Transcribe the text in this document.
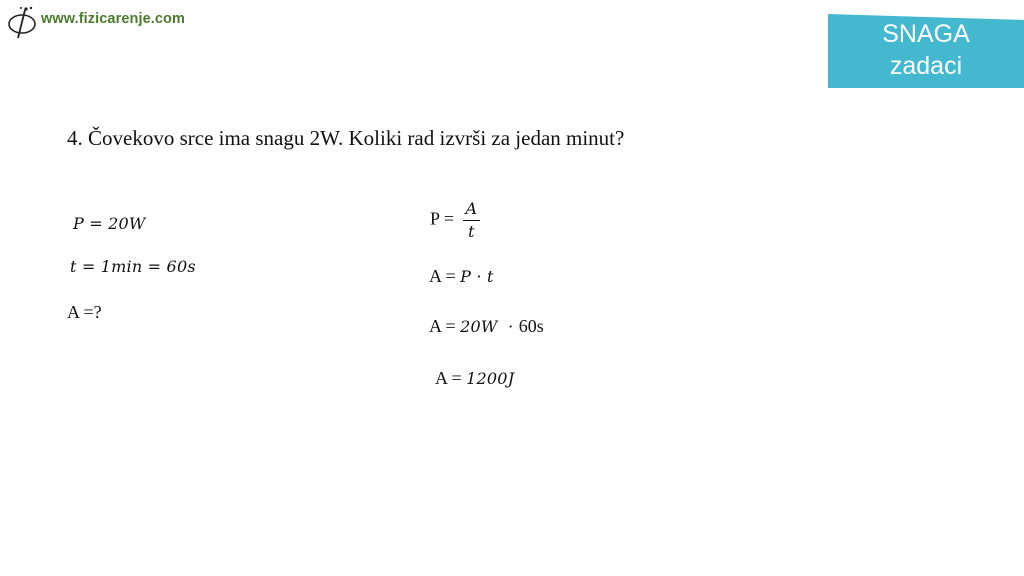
www.fizicarenje.com
SNAGA
zadaci
4. Čovekovo srce ima snagu 2W. Koliki rad izvrši za jedan minut?
𝑃 = 20𝑊
𝑡 = 1𝑚𝑖𝑛 = 60𝑠
A =?
$P = \frac{A}{t}$
A = 𝑃 · 𝑡
A = 20𝑊  · 60s
A = 1200𝐽
